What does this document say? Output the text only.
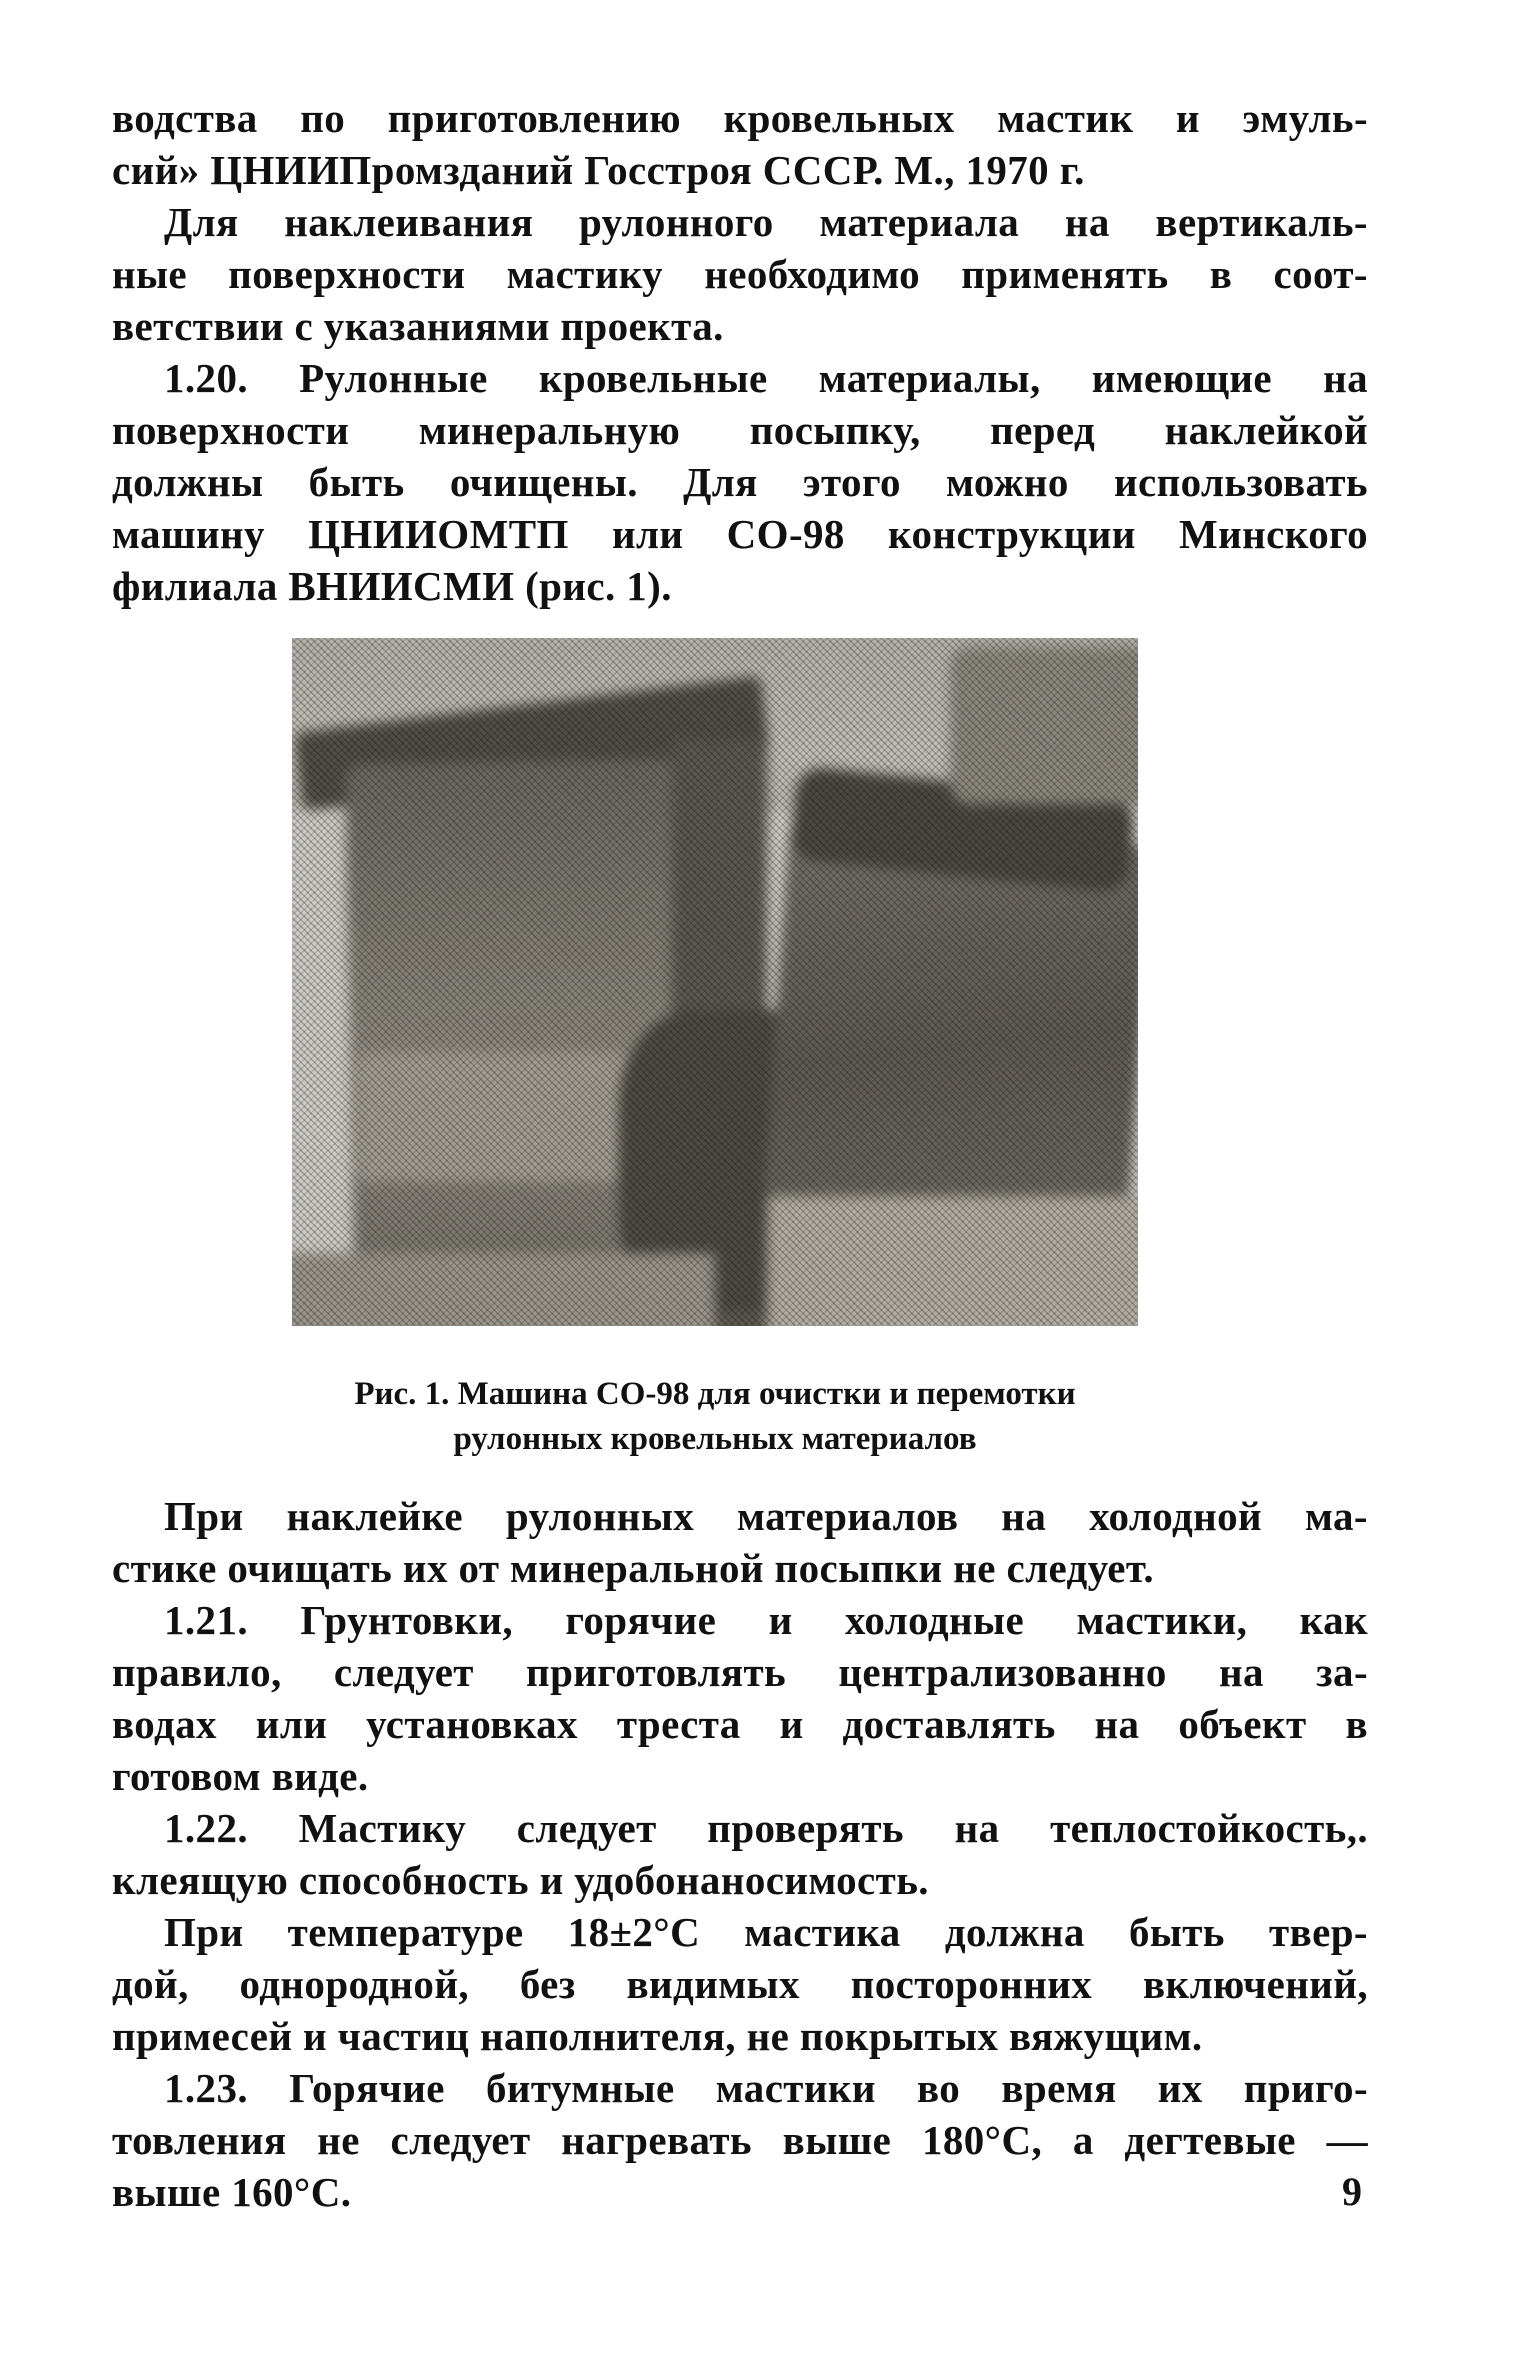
водства по приготовлению кровельных мастик и эмуль-
сий» ЦНИИПромзданий Госстроя СССР. М., 1970 г.
Для наклеивания рулонного материала на вертикаль-
ные поверхности мастику необходимо применять в соот-
ветствии с указаниями проекта.
1.20. Рулонные кровельные материалы, имеющие на
поверхности минеральную посыпку, перед наклейкой
должны быть очищены. Для этого можно использовать
машину ЦНИИОМТП или СО-98 конструкции Минского
филиала ВНИИСМИ (рис. 1).
Рис. 1. Машина СО-98 для очистки и перемотки
рулонных кровельных материалов
При наклейке рулонных материалов на холодной ма-
стике очищать их от минеральной посыпки не следует.
1.21. Грунтовки, горячие и холодные мастики, как
правило, следует приготовлять централизованно на за-
водах или установках треста и доставлять на объект в
готовом виде.
1.22. Мастику следует проверять на теплостойкость,.
клеящую способность и удобонаносимость.
При температуре 18±2°С мастика должна быть твер-
дой, однородной, без видимых посторонних включений,
примесей и частиц наполнителя, не покрытых вяжущим.
1.23. Горячие битумные мастики во время их приго-
товления не следует нагревать выше 180°С, а дегтевые —
выше 160°С.	9
